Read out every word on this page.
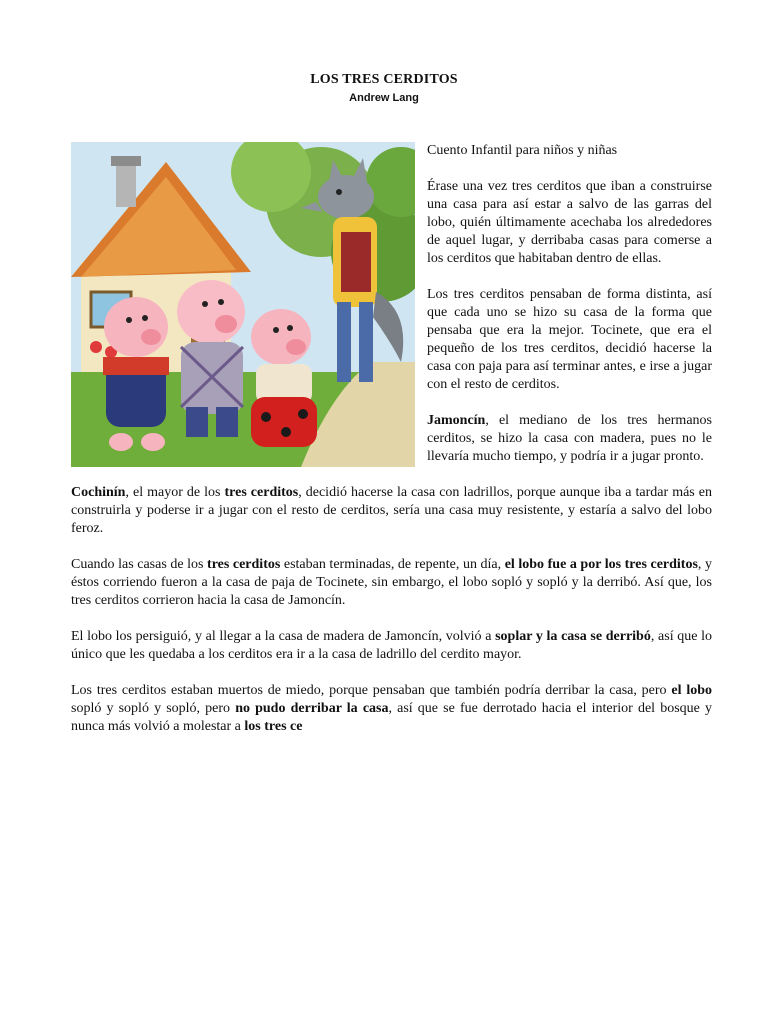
LOS TRES CERDITOS
Andrew Lang

Cuento Infantil para niños y niñas

Érase una vez tres cerditos que iban a construirse una casa para así estar a salvo de las garras del lobo, quién últimamente acechaba los alrededores de aquel lugar, y derribaba casas para comerse a los cerditos que habitaban dentro de ellas.

Los tres cerditos pensaban de forma distinta, así que cada uno se hizo su casa de la forma que pensaba que era la mejor. Tocinete, que era el pequeño de los tres cerditos, decidió hacerse la casa con paja para así terminar antes, e irse a jugar con el resto de cerditos.

Jamoncín, el mediano de los tres hermanos cerditos, se hizo la casa con madera, pues no le llevaría mucho tiempo, y podría ir a jugar pronto.

Cochinín, el mayor de los tres cerditos, decidió hacerse la casa con ladrillos, porque aunque iba a tardar más en construirla y poderse ir a jugar con el resto de cerditos, sería una casa muy resistente, y estaría a salvo del lobo feroz.

Cuando las casas de los tres cerditos estaban terminadas, de repente, un día, el lobo fue a por los tres cerditos, y éstos corriendo fueron a la casa de paja de Tocinete, sin embargo, el lobo sopló y sopló y la derribó. Así que, los tres cerditos corrieron hacia la casa de Jamoncín.

El lobo los persiguió, y al llegar a la casa de madera de Jamoncín, volvió a soplar y la casa se derribó, así que lo único que les quedaba a los cerditos era ir a la casa de ladrillo del cerdito mayor.

Los tres cerditos estaban muertos de miedo, porque pensaban que también podría derribar la casa, pero el lobo sopló y sopló y sopló, pero no pudo derribar la casa, así que se fue derrotado hacia el interior del bosque y nunca más volvió a molestar a los tres ce
